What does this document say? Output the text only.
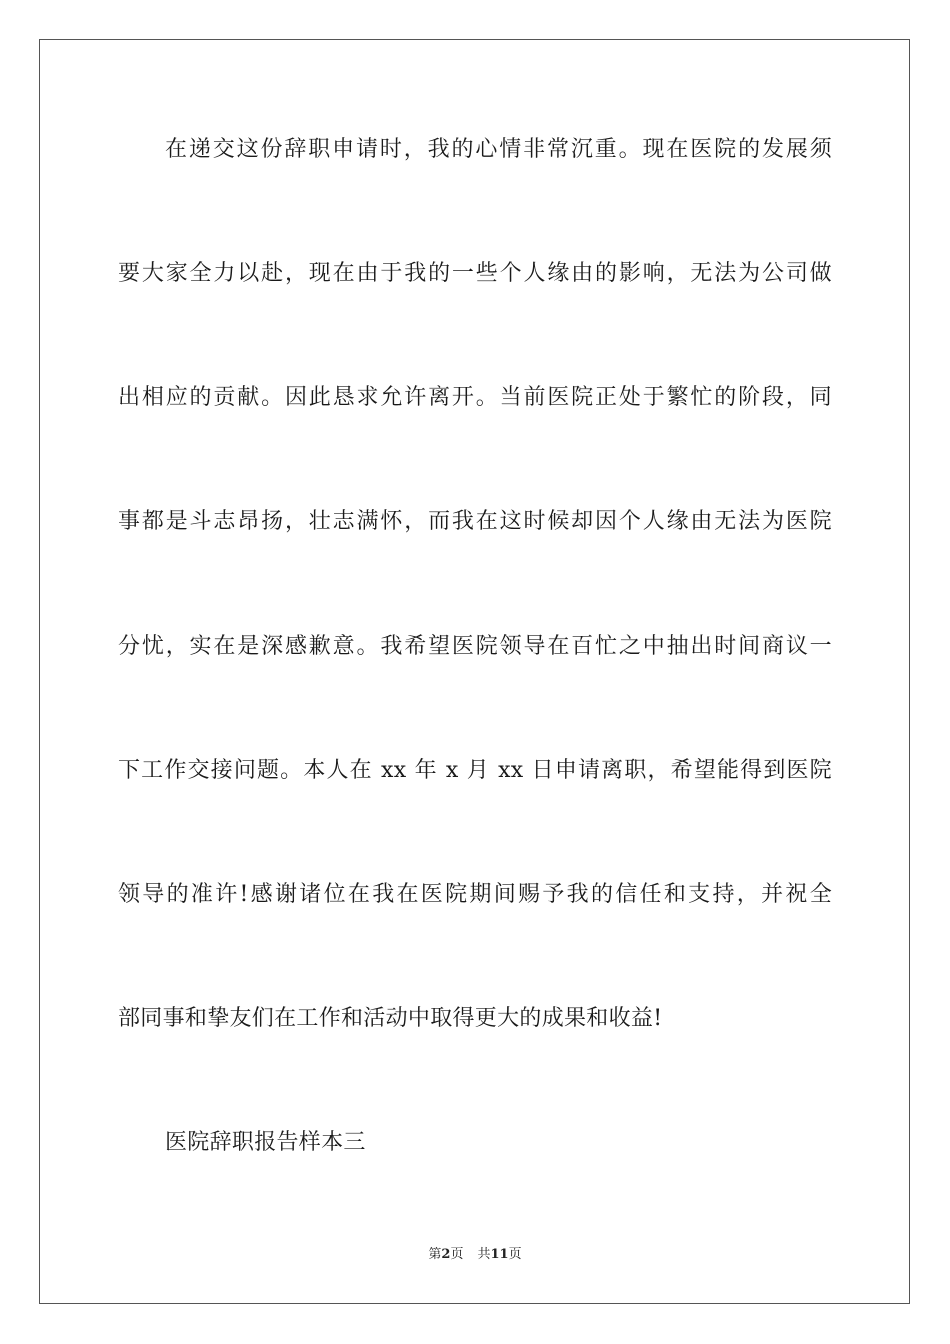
在递交这份辞职申请时，我的心情非常沉重。现在医院的发展须
要大家全力以赴，现在由于我的一些个人缘由的影响，无法为公司做
出相应的贡献。因此恳求允许离开。当前医院正处于繁忙的阶段，同
事都是斗志昂扬，壮志满怀，而我在这时候却因个人缘由无法为医院
分忧，实在是深感歉意。我希望医院领导在百忙之中抽出时间商议一
下工作交接问题。本人在 xx 年 x 月 xx 日申请离职，希望能得到医院
领导的准许!感谢诸位在我在医院期间赐予我的信任和支持，并祝全
部同事和挚友们在工作和活动中取得更大的成果和收益!
医院辞职报告样本三
第2页 共11页
